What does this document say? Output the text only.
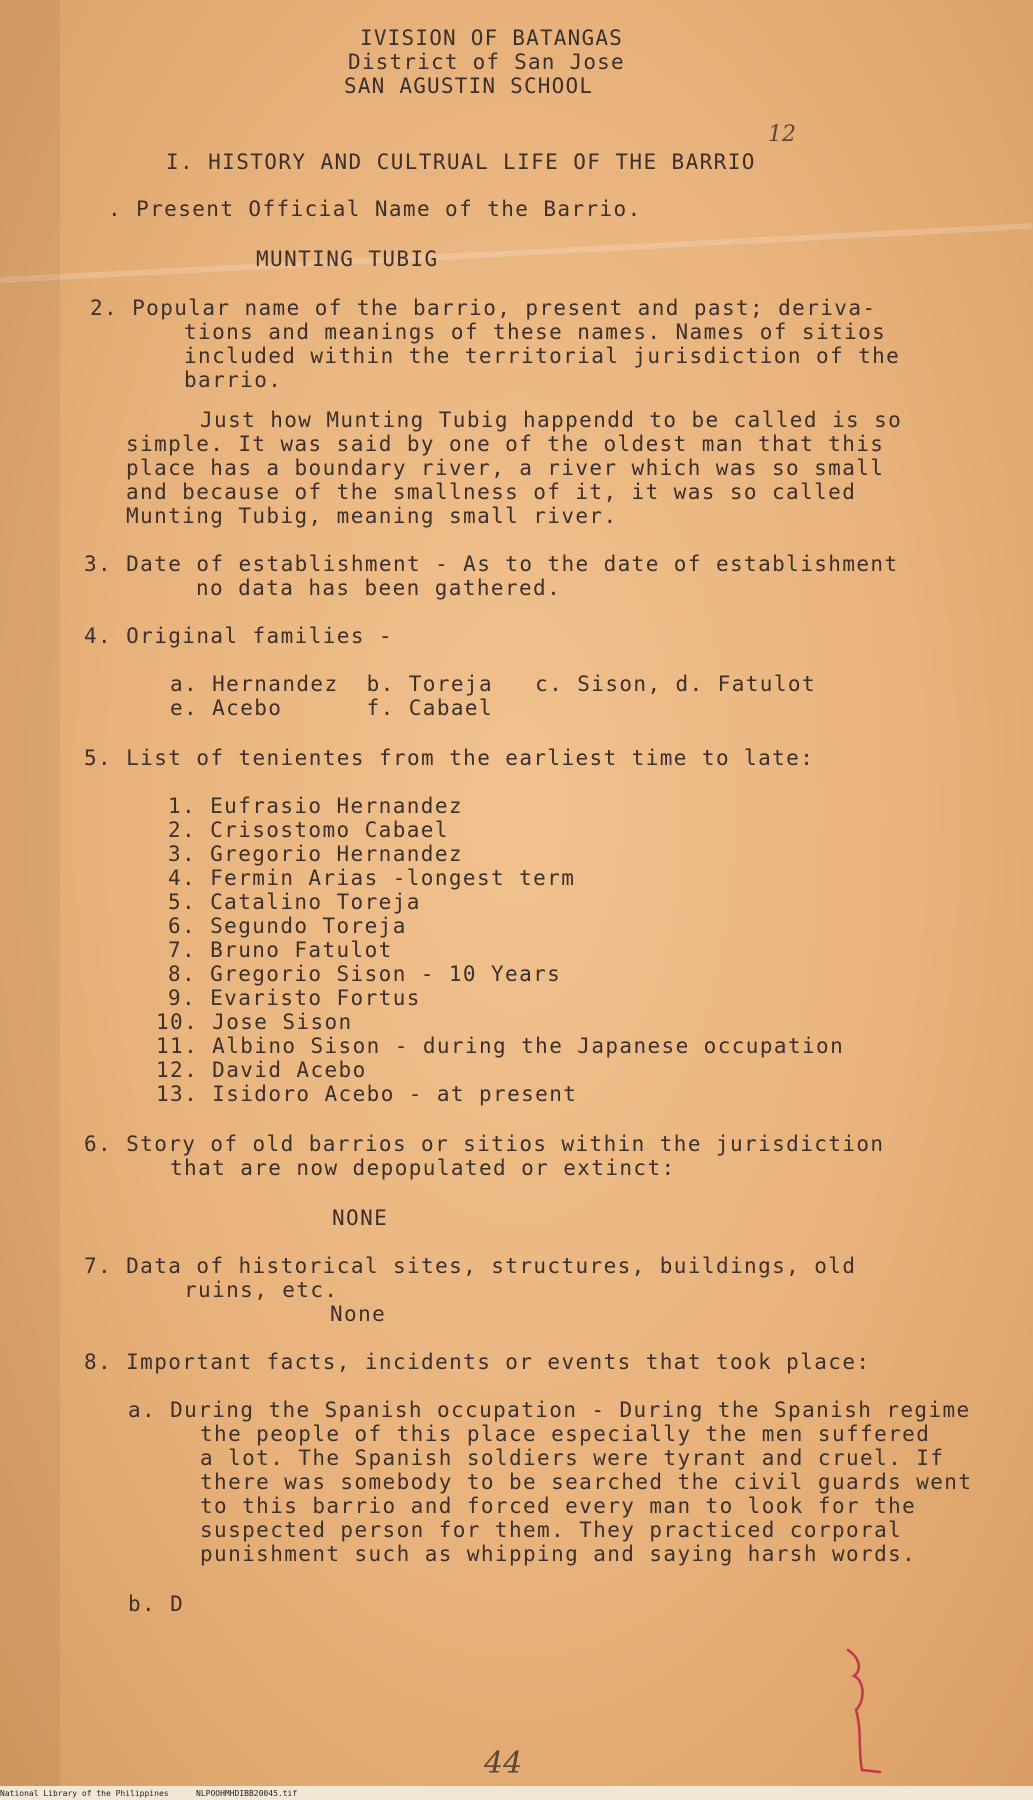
IVISION OF BATANGAS
District of San Jose
SAN AGUSTIN SCHOOL
12
I. HISTORY AND CULTRUAL LIFE OF THE BARRIO
. Present Official Name of the Barrio.
MUNTING TUBIG
2. Popular name of the barrio, present and past; deriva-
tions and meanings of these names. Names of sitios
included within the territorial jurisdiction of the
barrio.
Just how Munting Tubig happendd to be called is so
simple. It was said by one of the oldest man that this
place has a boundary river, a river which was so small
and because of the smallness of it, it was so called
Munting Tubig, meaning small river.
3. Date of establishment - As to the date of establishment
no data has been gathered.
4. Original families -
a. Hernandez  b. Toreja   c. Sison, d. Fatulot
e. Acebo      f. Cabael
5. List of tenientes from the earliest time to late:
1. Eufrasio Hernandez
2. Crisostomo Cabael
3. Gregorio Hernandez
4. Fermin Arias -longest term
5. Catalino Toreja
6. Segundo Toreja
7. Bruno Fatulot
8. Gregorio Sison - 10 Years
9. Evaristo Fortus
10. Jose Sison
11. Albino Sison - during the Japanese occupation
12. David Acebo
13. Isidoro Acebo - at present
6. Story of old barrios or sitios within the jurisdiction
that are now depopulated or extinct:
NONE
7. Data of historical sites, structures, buildings, old
ruins, etc.
None
8. Important facts, incidents or events that took place:
a. During the Spanish occupation - During the Spanish regime
the people of this place especially the men suffered
a lot. The Spanish soldiers were tyrant and cruel. If
there was somebody to be searched the civil guards went
to this barrio and forced every man to look for the
suspected person for them. They practiced corporal
punishment such as whipping and saying harsh words.
b. D
44
National Library of the Philippines	NLPOOHMHDIBB20045.tif
